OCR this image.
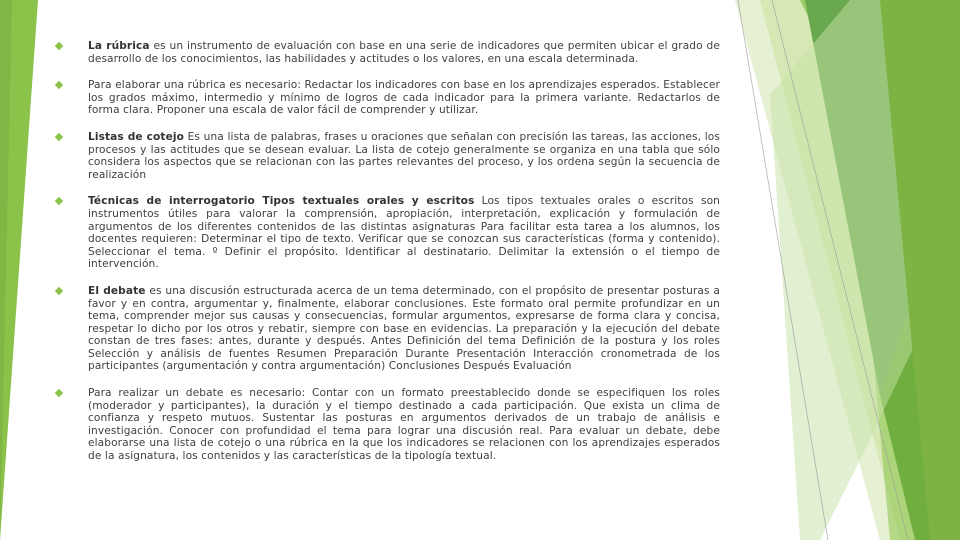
La rúbrica es un instrumento de evaluación con base en una serie de indicadores que permiten ubicar el grado de desarrollo de los conocimientos, las habilidades y actitudes o los valores, en una escala determinada.
Para elaborar una rúbrica es necesario: Redactar los indicadores con base en los aprendizajes esperados. Establecer los grados máximo, intermedio y mínimo de logros de cada indicador para la primera variante. Redactarlos de forma clara. Proponer una escala de valor fácil de comprender y utilizar.
Listas de cotejo Es una lista de palabras, frases u oraciones que señalan con precisión las tareas, las acciones, los procesos y las actitudes que se desean evaluar. La lista de cotejo generalmente se organiza en una tabla que sólo considera los aspectos que se relacionan con las partes relevantes del proceso, y los ordena según la secuencia de realización
Técnicas de interrogatorio Tipos textuales orales y escritos Los tipos textuales orales o escritos son instrumentos útiles para valorar la comprensión, apropiación, interpretación, explicación y formulación de argumentos de los diferentes contenidos de las distintas asignaturas Para facilitar esta tarea a los alumnos, los docentes requieren: Determinar el tipo de texto. Verificar que se conozcan sus características (forma y contenido). Seleccionar el tema. º Definir el propósito. Identificar al destinatario. Delimitar la extensión o el tiempo de intervención.
El debate es una discusión estructurada acerca de un tema determinado, con el propósito de presentar posturas a favor y en contra, argumentar y, finalmente, elaborar conclusiones. Este formato oral permite profundizar en un tema, comprender mejor sus causas y consecuencias, formular argumentos, expresarse de forma clara y concisa, respetar lo dicho por los otros y rebatir, siempre con base en evidencias. La preparación y la ejecución del debate constan de tres fases: antes, durante y después. Antes Definición del tema Definición de la postura y los roles Selección y análisis de fuentes Resumen Preparación Durante Presentación Interacción cronometrada de los participantes (argumentación y contra argumentación) Conclusiones Después Evaluación
Para realizar un debate es necesario: Contar con un formato preestablecido donde se especifiquen los roles (moderador y participantes), la duración y el tiempo destinado a cada participación. Que exista un clima de confianza y respeto mutuos. Sustentar las posturas en argumentos derivados de un trabajo de análisis e investigación. Conocer con profundidad el tema para lograr una discusión real. Para evaluar un debate, debe elaborarse una lista de cotejo o una rúbrica en la que los indicadores se relacionen con los aprendizajes esperados de la asignatura, los contenidos y las características de la tipología textual.
